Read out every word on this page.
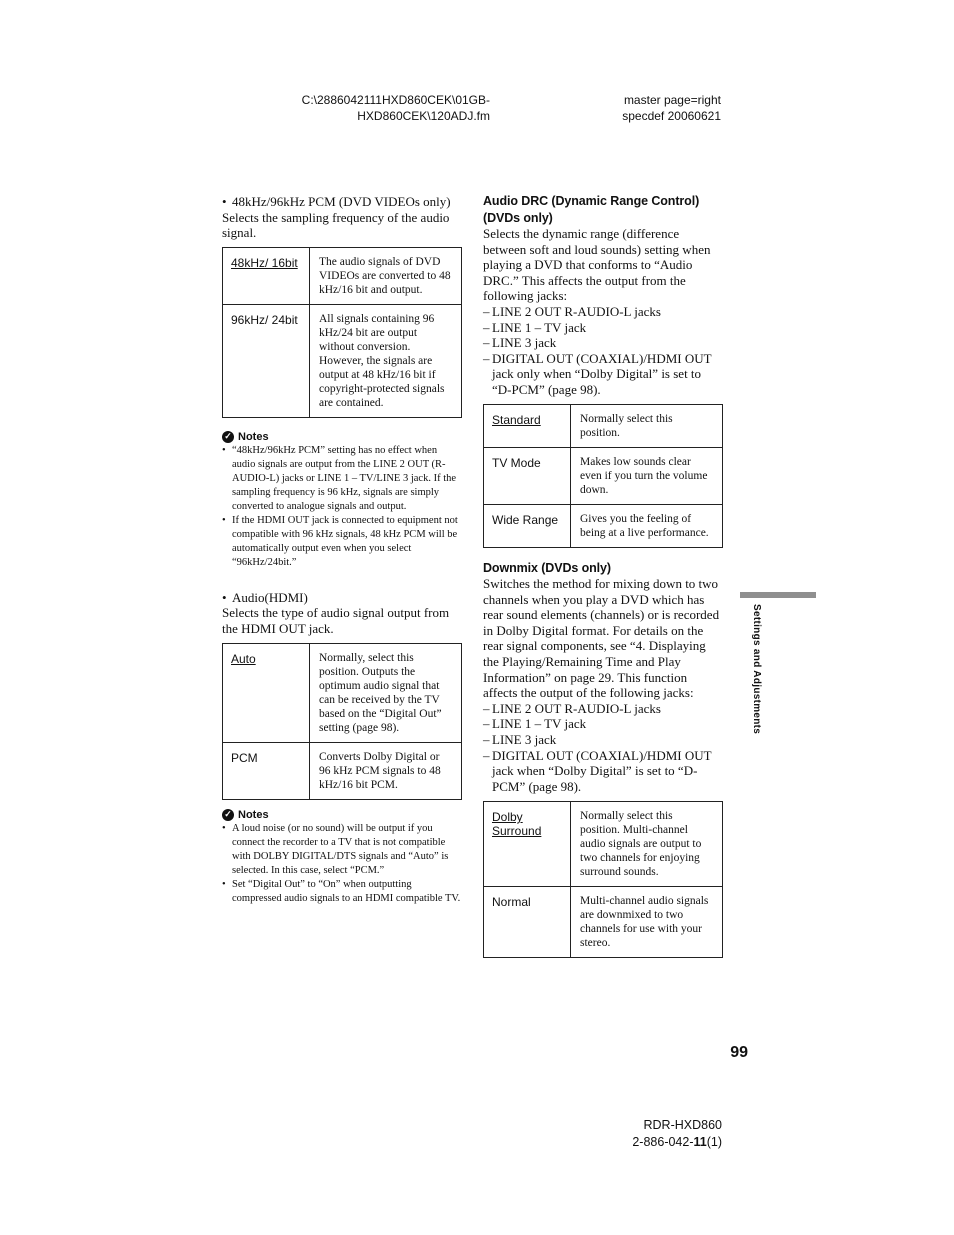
C:\2886042111HXD860CEK\01GB-
HXD860CEK\120ADJ.fm
master page=right
specdef 20060621

• 48kHz/96kHz PCM (DVD VIDEOs only)

Selects the sampling frequency of the audio signal.

48kHz/ 16bit	The audio signals of DVD VIDEOs are converted to 48 kHz/16 bit and output.
96kHz/ 24bit	All signals containing 96 kHz/24 bit are output without conversion. However, the signals are output at 48 kHz/16 bit if copyright-protected signals are contained.

✓ Notes

• “48kHz/96kHz PCM” setting has no effect when audio signals are output from the LINE 2 OUT (R-AUDIO-L) jacks or LINE 1 – TV/LINE 3 jack. If the sampling frequency is 96 kHz, signals are simply converted to analogue signals and output.
• If the HDMI OUT jack is connected to equipment not compatible with 96 kHz signals, 48 kHz PCM will be automatically output even when you select “96kHz/24bit.”

• Audio(HDMI)

Selects the type of audio signal output from the HDMI OUT jack.

Auto	Normally, select this position. Outputs the optimum audio signal that can be received by the TV based on the “Digital Out” setting (page 98).
PCM	Converts Dolby Digital or 96 kHz PCM signals to 48 kHz/16 bit PCM.

✓ Notes

• A loud noise (or no sound) will be output if you connect the recorder to a TV that is not compatible with DOLBY DIGITAL/DTS signals and “Auto” is selected. In this case, select “PCM.”
• Set “Digital Out” to “On” when outputting compressed audio signals to an HDMI compatible TV.

Audio DRC (Dynamic Range Control) (DVDs only)

Selects the dynamic range (difference between soft and loud sounds) setting when playing a DVD that conforms to “Audio DRC.” This affects the output from the following jacks:

– LINE 2 OUT R-AUDIO-L jacks
– LINE 1 – TV jack
– LINE 3 jack
– DIGITAL OUT (COAXIAL)/HDMI OUT jack only when “Dolby Digital” is set to “D-PCM” (page 98).
Standard	Normally select this position.
TV Mode	Makes low sounds clear even if you turn the volume down.
Wide Range	Gives you the feeling of being at a live performance.

Downmix (DVDs only)

Switches the method for mixing down to two channels when you play a DVD which has rear sound elements (channels) or is recorded in Dolby Digital format. For details on the rear signal components, see “4. Displaying the Playing/Remaining Time and Play Information” on page 29. This function affects the output of the following jacks:

– LINE 2 OUT R-AUDIO-L jacks
– LINE 1 – TV jack
– LINE 3 jack
– DIGITAL OUT (COAXIAL)/HDMI OUT jack when “Dolby Digital” is set to “D-PCM” (page 98).
Dolby Surround	Normally select this position. Multi-channel audio signals are output to two channels for enjoying surround sounds.
Normal	Multi-channel audio signals are downmixed to two channels for use with your stereo.
Settings and Adjustments
99
RDR-HXD860
2-886-042-11(1)
